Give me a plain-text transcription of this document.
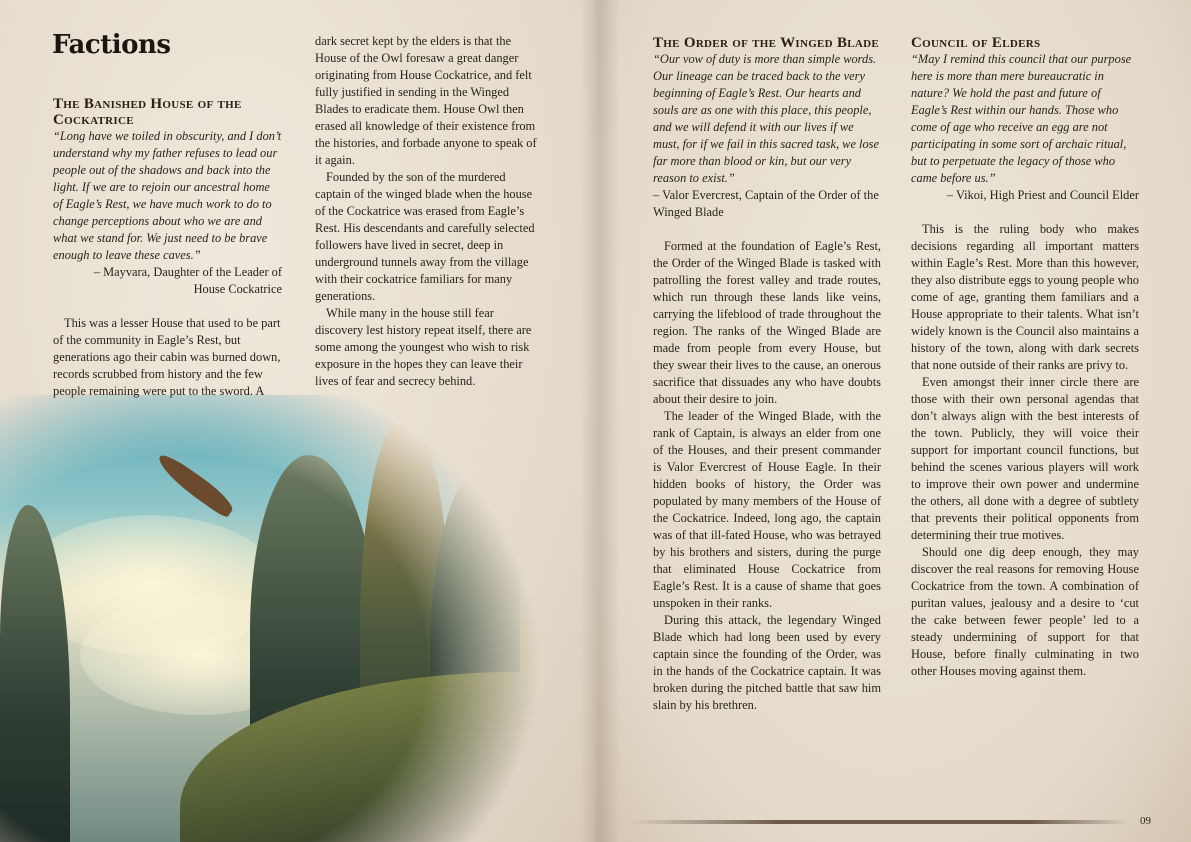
Factions
The Banished House of the Cockatrice
“Long have we toiled in obscurity, and I don’t understand why my father refuses to lead our people out of the shadows and back into the light. If we are to rejoin our ancestral home of Eagle’s Rest, we have much work to do to change perceptions about who we are and what we stand for. We just need to be brave enough to leave these caves.”
– Mayvara, Daughter of the Leader of House Cockatrice

This was a lesser House that used to be part of the community in Eagle’s Rest, but generations ago their cabin was burned down, records scrubbed from history and the few people remaining were put to the sword. A

dark secret kept by the elders is that the House of the Owl foresaw a great danger originating from House Cockatrice, and felt fully justified in sending in the Winged Blades to eradicate them. House Owl then erased all knowledge of their existence from the histories, and forbade anyone to speak of it again.

Founded by the son of the murdered captain of the winged blade when the house of the Cockatrice was erased from Eagle’s Rest. His descendants and carefully selected followers have lived in secret, deep in underground tunnels away from the village with their cockatrice familiars for many generations.

While many in the house still fear discovery lest history repeat itself, there are some among the youngest who wish to risk exposure in the hopes they can leave their lives of fear and secrecy behind.

The Order of the Winged Blade
“Our vow of duty is more than simple words. Our lineage can be traced back to the very beginning of Eagle’s Rest. Our hearts and souls are as one with this place, this people, and we will defend it with our lives if we must, for if we fail in this sacred task, we lose far more than blood or kin, but our very reason to exist.”
– Valor Evercrest, Captain of the Order of the Winged Blade

Formed at the foundation of Eagle’s Rest, the Order of the Winged Blade is tasked with patrolling the forest valley and trade routes, which run through these lands like veins, carrying the lifeblood of trade throughout the region. The ranks of the Winged Blade are made from people from every House, but they swear their lives to the cause, an onerous sacrifice that dissuades any who have doubts about their desire to join.

The leader of the Winged Blade, with the rank of Captain, is always an elder from one of the Houses, and their present commander is Valor Evercrest of House Eagle. In their hidden books of history, the Order was populated by many members of the House of the Cockatrice. Indeed, long ago, the captain was of that ill-fated House, who was betrayed by his brothers and sisters, during the purge that eliminated House Cockatrice from Eagle’s Rest. It is a cause of shame that goes unspoken in their ranks.

During this attack, the legendary Winged Blade which had long been used by every captain since the founding of the Order, was in the hands of the Cockatrice captain. It was broken during the pitched battle that saw him slain by his brethren.

Council of Elders
“May I remind this council that our purpose here is more than mere bureaucratic in nature? We hold the past and future of Eagle’s Rest within our hands. Those who come of age who receive an egg are not participating in some sort of archaic ritual, but to perpetuate the legacy of those who came before us.”
– Vikoi, High Priest and Council Elder

This is the ruling body who makes decisions regarding all important matters within Eagle’s Rest. More than this however, they also distribute eggs to young people who come of age, granting them familiars and a House appropriate to their talents. What isn’t widely known is the Council also maintains a history of the town, along with dark secrets that none outside of their ranks are privy to.

Even amongst their inner circle there are those with their own personal agendas that don’t always align with the best interests of the town. Publicly, they will voice their support for important council functions, but behind the scenes various players will work to improve their own power and undermine the others, all done with a degree of subtlety that prevents their political opponents from determining their true motives.

Should one dig deep enough, they may discover the real reasons for removing House Cockatrice from the town. A combination of puritan values, jealousy and a desire to ‘cut the cake between fewer people’ led to a steady undermining of support for that House, before finally culminating in two other Houses moving against them.

09
